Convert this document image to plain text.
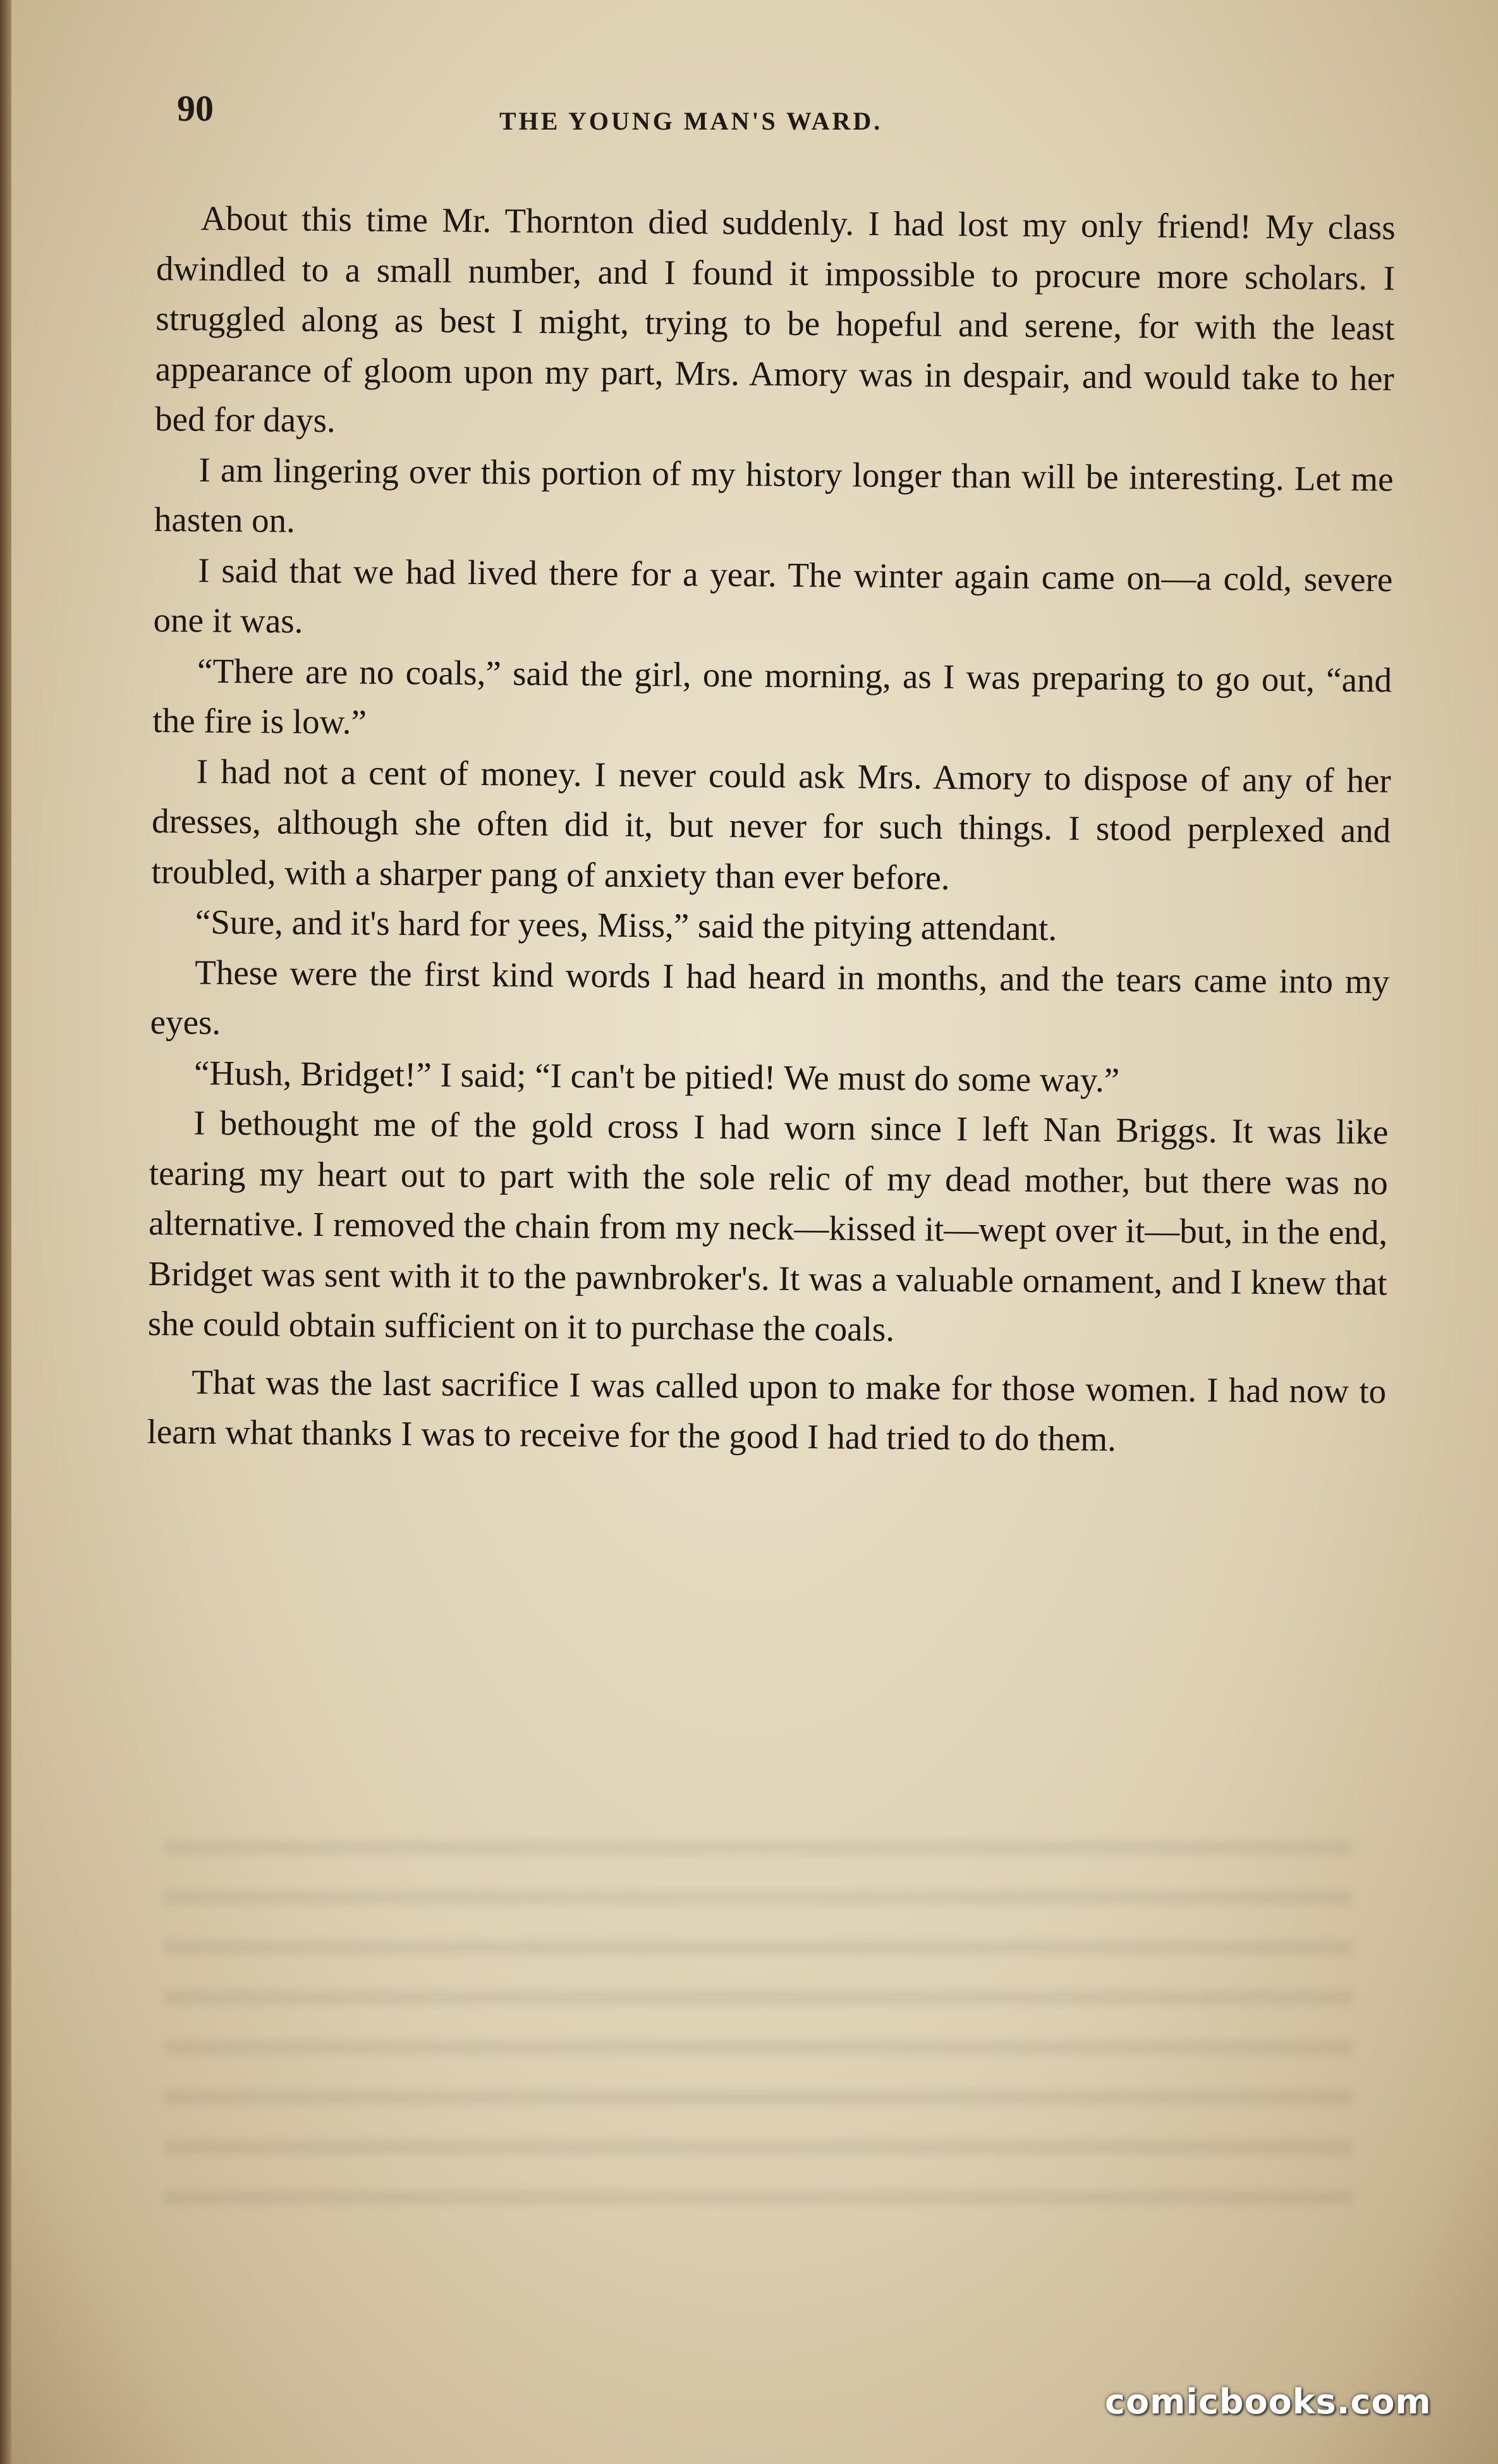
90	THE YOUNG MAN'S WARD.

About this time Mr. Thornton died suddenly. I had lost my only friend! My class dwindled to a small number, and I found it impossible to procure more scholars. I struggled along as best I might, trying to be hopeful and serene, for with the least appearance of gloom upon my part, Mrs. Amory was in despair, and would take to her bed for days.

I am lingering over this portion of my history longer than will be interesting. Let me hasten on.

I said that we had lived there for a year. The winter again came on—a cold, severe one it was.

“There are no coals,” said the girl, one morning, as I was preparing to go out, “and the fire is low.”

I had not a cent of money. I never could ask Mrs. Amory to dispose of any of her dresses, although she often did it, but never for such things. I stood perplexed and troubled, with a sharper pang of anxiety than ever before.

“Sure, and it's hard for yees, Miss,” said the pitying attendant.

These were the first kind words I had heard in months, and the tears came into my eyes.

“Hush, Bridget!” I said; “I can't be pitied! We must do some way.”

I bethought me of the gold cross I had worn since I left Nan Briggs. It was like tearing my heart out to part with the sole relic of my dead mother, but there was no alternative. I removed the chain from my neck—kissed it—wept over it—but, in the end, Bridget was sent with it to the pawnbroker's. It was a valuable ornament, and I knew that she could obtain sufficient on it to purchase the coals.

That was the last sacrifice I was called upon to make for those women. I had now to learn what thanks I was to receive for the good I had tried to do them.

comicbooks.com
